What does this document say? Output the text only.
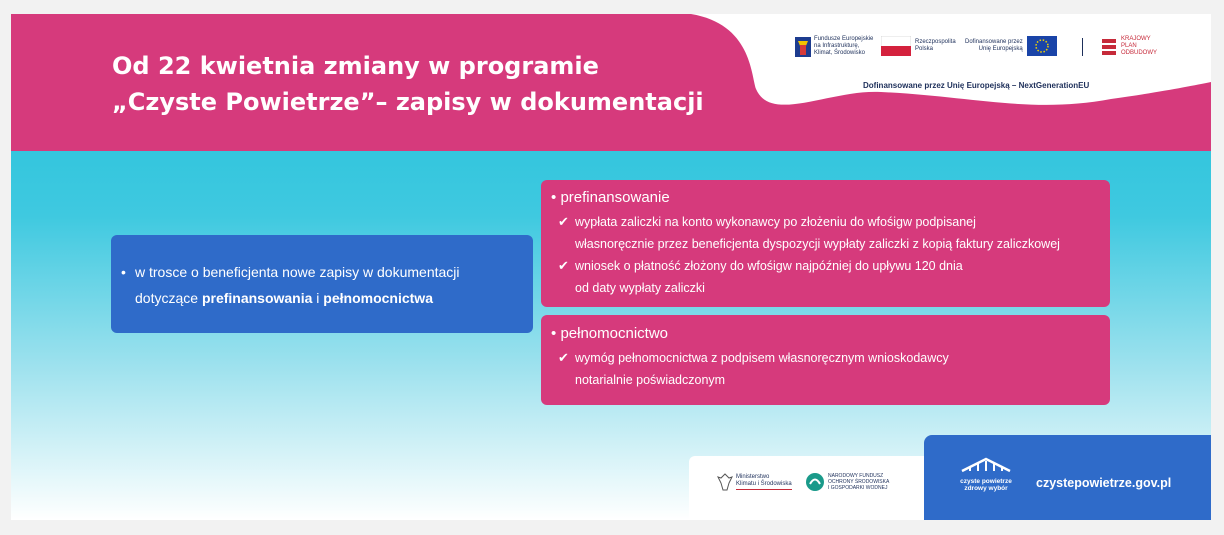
Od 22 kwietnia zmiany w programie
„Czyste Powietrze”– zapisy w dokumentacji
Fundusze Europejskie
na Infrastrukturę,
Klimat, Środowisko
Rzeczpospolita
Polska
Dofinansowane przez
Unię Europejską
KRAJOWY
PLAN
ODBUDOWY
Dofinansowane przez Unię Europejską – NextGenerationEU
• w trosce o beneficjenta nowe zapisy w dokumentacji
dotyczące prefinansowania i pełnomocnictwa
• prefinansowanie
✔ wypłata zaliczki na konto wykonawcy po złożeniu do wfośigw podpisanej
własnoręcznie przez beneficjenta dyspozycji wypłaty zaliczki z kopią faktury zaliczkowej
✔ wniosek o płatność złożony do wfośigw najpóźniej do upływu 120 dnia
od daty wypłaty zaliczki
• pełnomocnictwo
✔ wymóg pełnomocnictwa z podpisem własnoręcznym wnioskodawcy
notarialnie poświadczonym
Ministerstwo
Klimatu i Środowiska
NARODOWY FUNDUSZ
OCHRONY ŚRODOWISKA
I GOSPODARKI WODNEJ
czyste powietrze
zdrowy wybór	czystepowietrze.gov.pl
